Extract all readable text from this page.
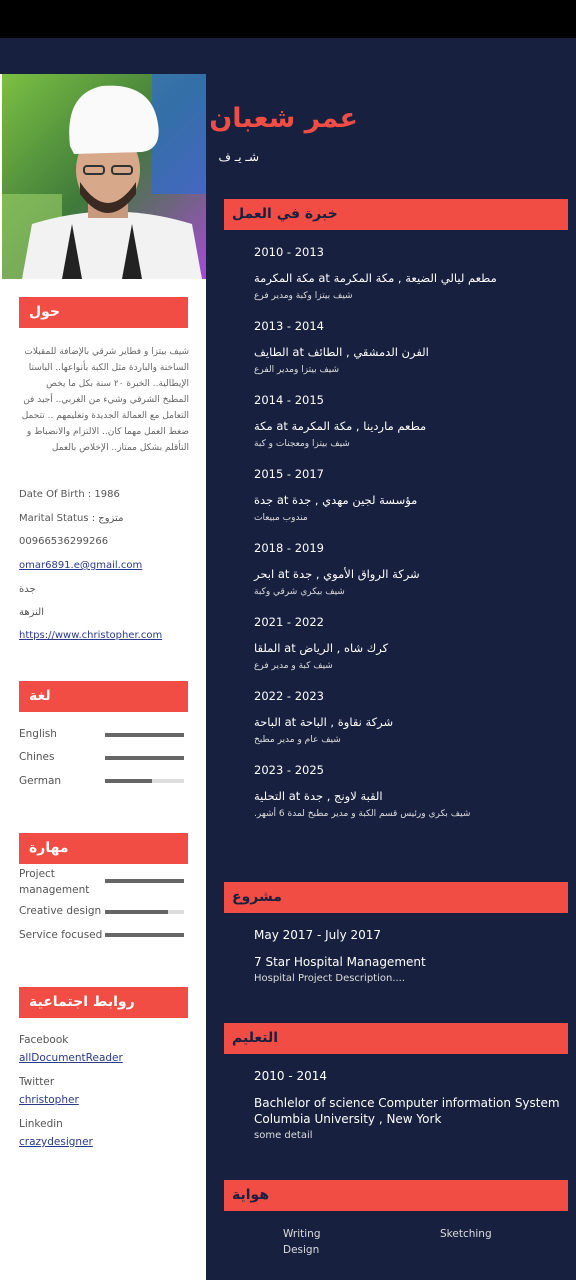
حول
شيف بيتزا و فطاير شرقي بالإضافة للمقبلات الساخنة والباردة مثل الكبة بأنواعها.. الباستا الإيطالية.. الخبرة ٢٠ سنة بكل ما يخص المطبخ الشرقي وشيء من الغربي.. أجيد فن التعامل مع العمالة الجديدة وتعليمهم .. تتحمل ضغط العمل مهما كان.. الالتزام والانضباط و التأقلم بشكل ممتاز.. الإخلاص بالعمل
Date Of Birth : 1986
Marital Status : متزوج
00966536299266
omar6891.e@gmail.com
جدة
النزهة
https://www.christopher.com
لغة
English
Chines
German
مهارة
Project management
Creative design
Service focused
روابط اجتماعية
Facebook
allDocumentReader
Twitter
christopher
Linkedin
crazydesigner
عمر شعبان
شـ يـ ف
خبرة في العمل
2010 - 2013
مطعم ليالي الضيعة , مكة المكرمة at مكة المكرمة
شيف بيتزا وكبة ومدير فرع
2013 - 2014
الفرن الدمشقي , الطائف at الطايف
شيف بيتزا ومدير الفرع
2014 - 2015
مطعم ماردينا , مكة المكرمة at مكة
شيف بيتزا ومعجنات و كبة
2015 - 2017
مؤسسة لجين مهدي , جدة at جدة
مندوب مبيعات
2018 - 2019
شركة الرواق الأموي , جدة at ابحر
شيف بيكري شرقي وكبة
2021 - 2022
كرك شاه , الرياض at الملقا
شيف كبة و مدير فرع
2022 - 2023
شركة نقاوة , الباحة at الباحة
شيف عام و مدير مطبخ
2023 - 2025
القبة لاونج , جدة at التحلية
شيف بكري ورئيس قسم الكبة و مدير مطبخ لمدة 6 أشهر.
مشروع
May 2017 - July 2017
7 Star Hospital Management
Hospital Project Description....
التعليم
2010 - 2014
Bachlelor of science Computer information System
Columbia University , New York
some detail
هواية
Writing	Sketching
Design
